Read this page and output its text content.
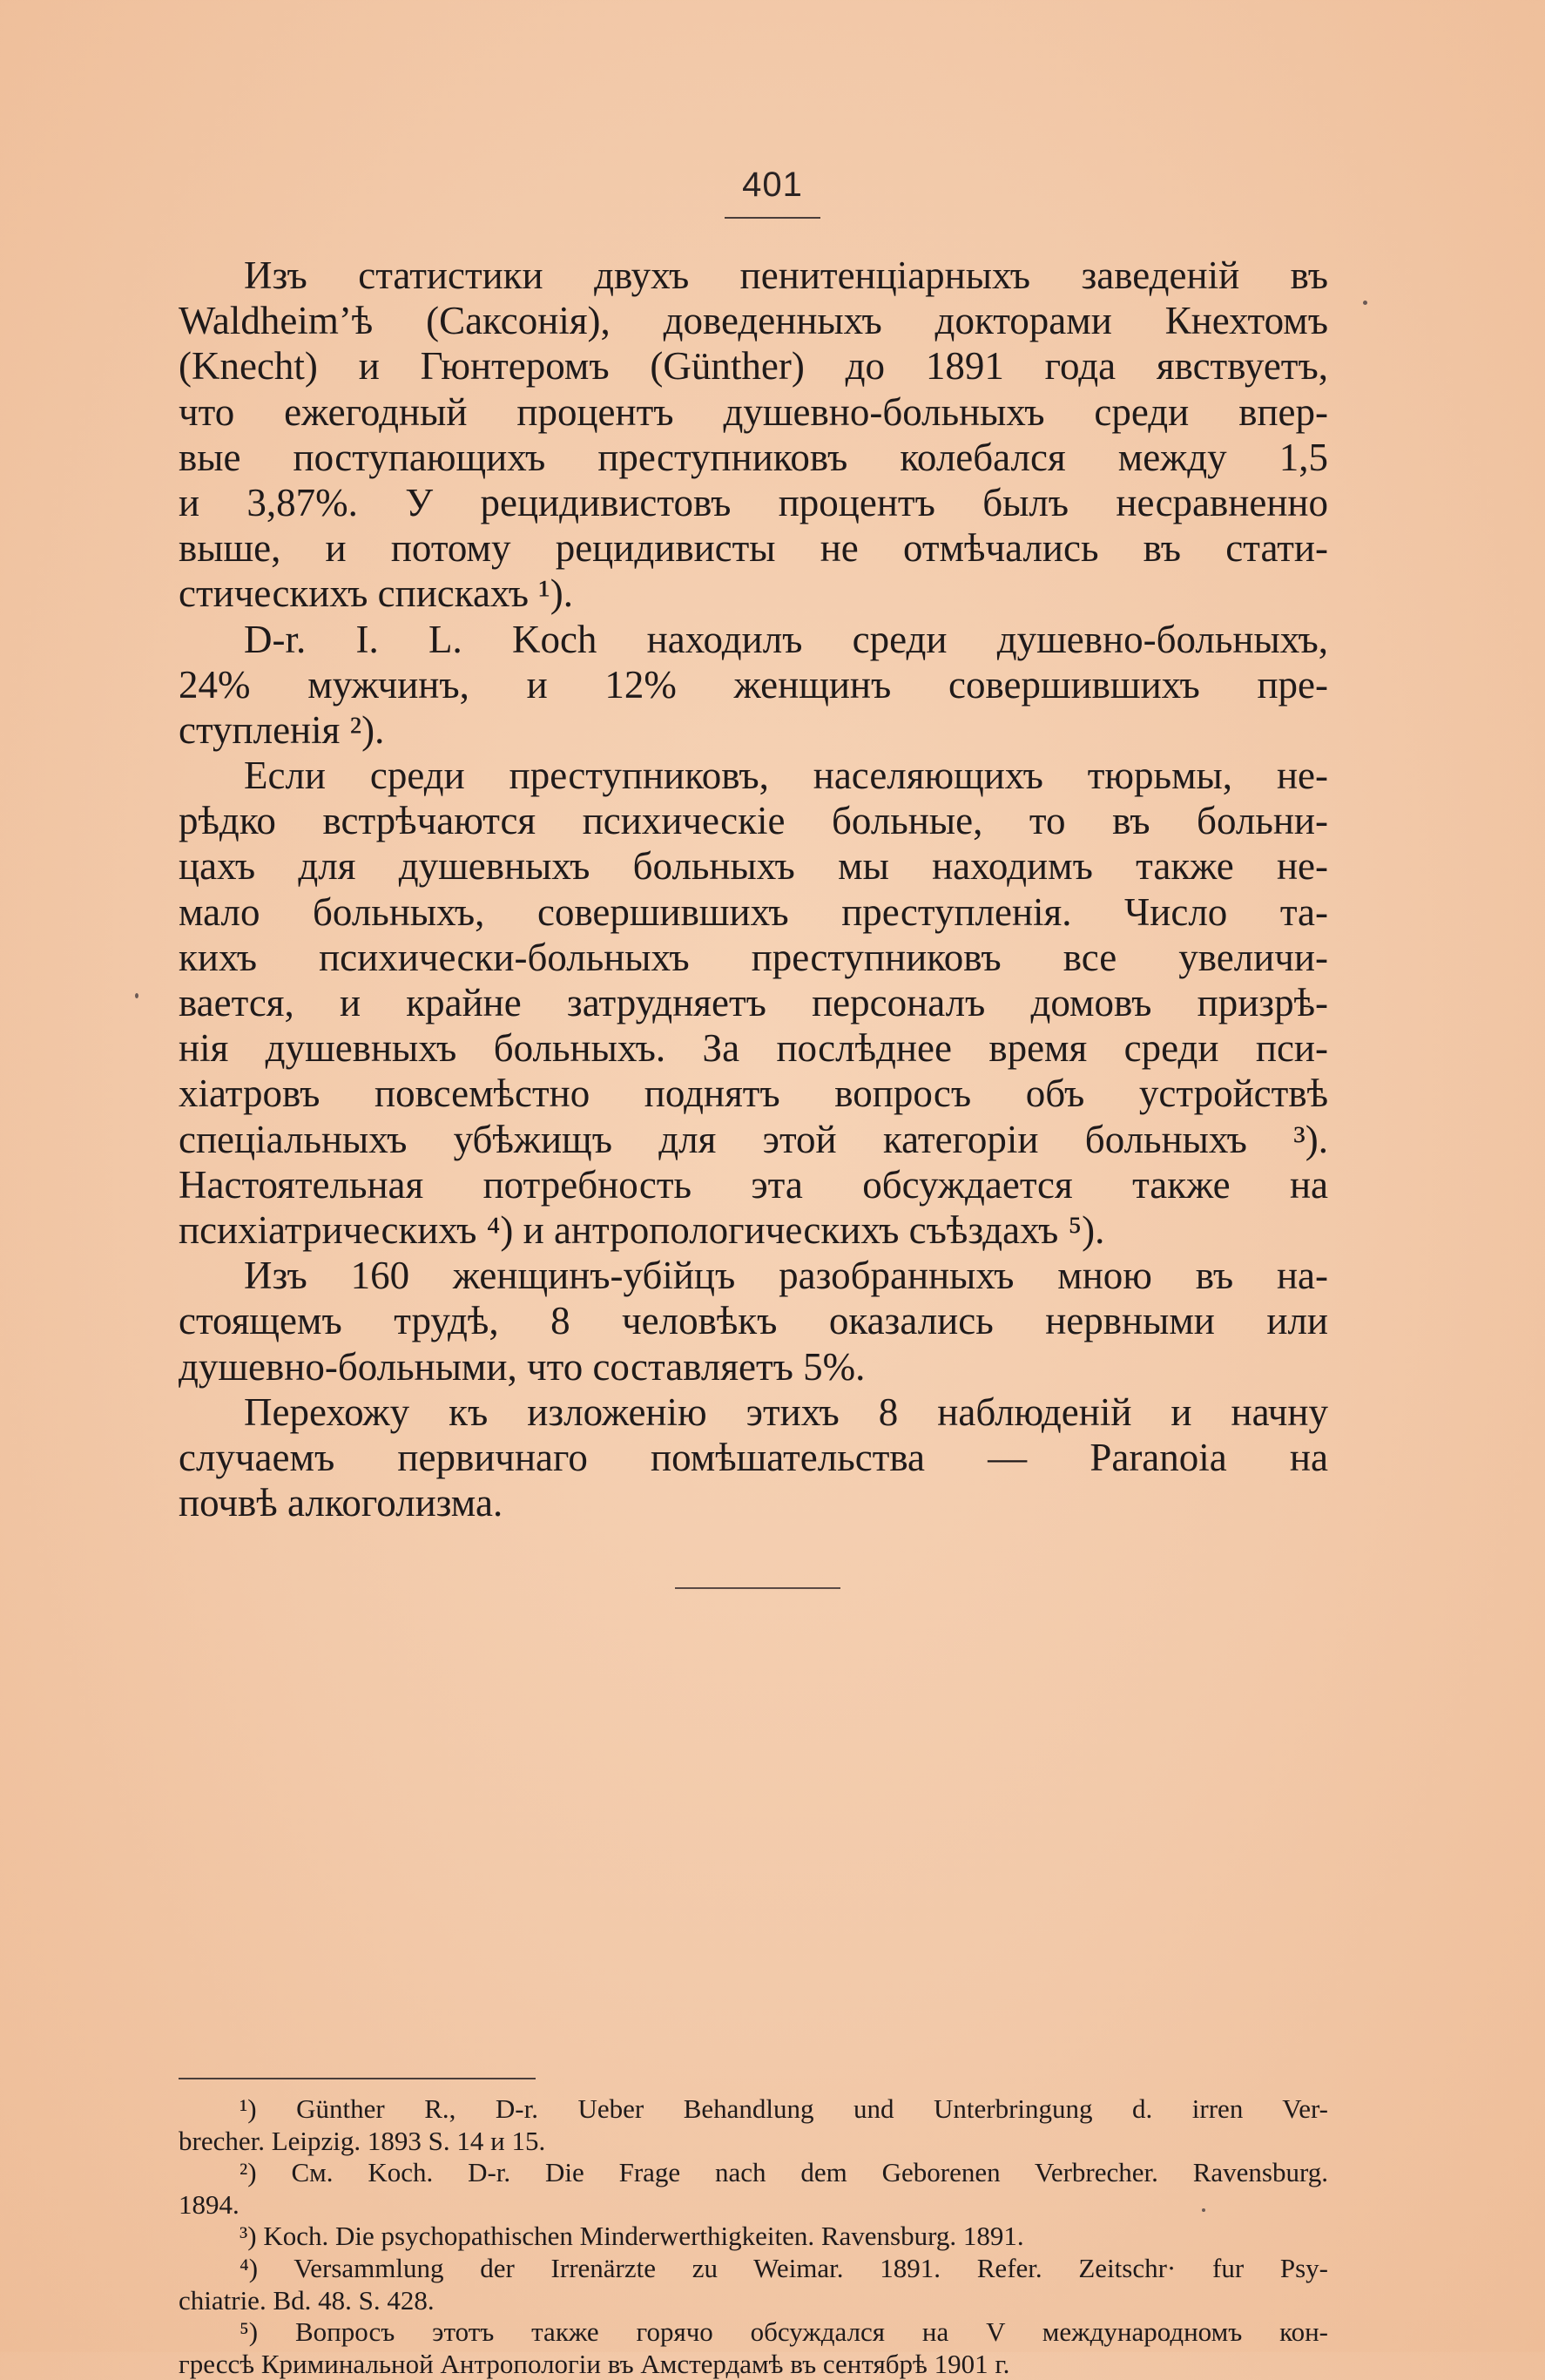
401
Изъ статистики двухъ пенитенціарныхъ заведеній въ
Waldheim’ѣ (Саксонія), доведенныхъ докторами Кнехтомъ
(Knecht) и Гюнтеромъ (Günther) до 1891 года явствуетъ,
что ежегодный процентъ душевно-больныхъ среди впер-
вые поступающихъ преступниковъ колебался между 1,5
и 3,87%. У рецидивистовъ процентъ былъ несравненно
выше, и потому рецидивисты не отмѣчались въ стати-
стическихъ спискахъ ¹).
D-r. I. L. Koch находилъ среди душевно-больныхъ,
24% мужчинъ, и 12% женщинъ совершившихъ пре-
ступленія ²).
Если среди преступниковъ, населяющихъ тюрьмы, не-
рѣдко встрѣчаются психическіе больные, то въ больни-
цахъ для душевныхъ больныхъ мы находимъ также не-
мало больныхъ, совершившихъ преступленія. Число та-
кихъ психически-больныхъ преступниковъ все увеличи-
вается, и крайне затрудняетъ персоналъ домовъ призрѣ-
нія душевныхъ больныхъ. За послѣднее время среди пси-
хіатровъ повсемѣстно поднятъ вопросъ объ устройствѣ
спеціальныхъ убѣжищъ для этой категоріи больныхъ ³).
Настоятельная потребность эта обсуждается также на
психіатрическихъ ⁴) и антропологическихъ съѣздахъ ⁵).
Изъ 160 женщинъ-убійцъ разобранныхъ мною въ на-
стоящемъ трудѣ, 8 человѣкъ оказались нервными или
душевно-больными, что составляетъ 5%.
Перехожу къ изложенію этихъ 8 наблюденій и начну
случаемъ первичнаго помѣшательства — Paranoia на
почвѣ алкоголизма.
¹) Günther R., D-r. Ueber Behandlung und Unterbringung d. irren Ver-
brecher. Leipzig. 1893 S. 14 и 15.
²) См. Koch. D-r. Die Frage nach dem Geborenen Verbrecher. Ravensburg.
1894.
³) Koch. Die psychopathischen Minderwerthigkeiten. Ravensburg. 1891.
⁴) Versammlung der Irrenärzte zu Weimar. 1891. Refer. Zeitschr· fur Psy-
chiatrie. Bd. 48. S. 428.
⁵) Вопросъ этотъ также горячо обсуждался на V международномъ кон-
грессѣ Криминальной Антропологіи въ Амстердамѣ въ сентябрѣ 1901 г.
